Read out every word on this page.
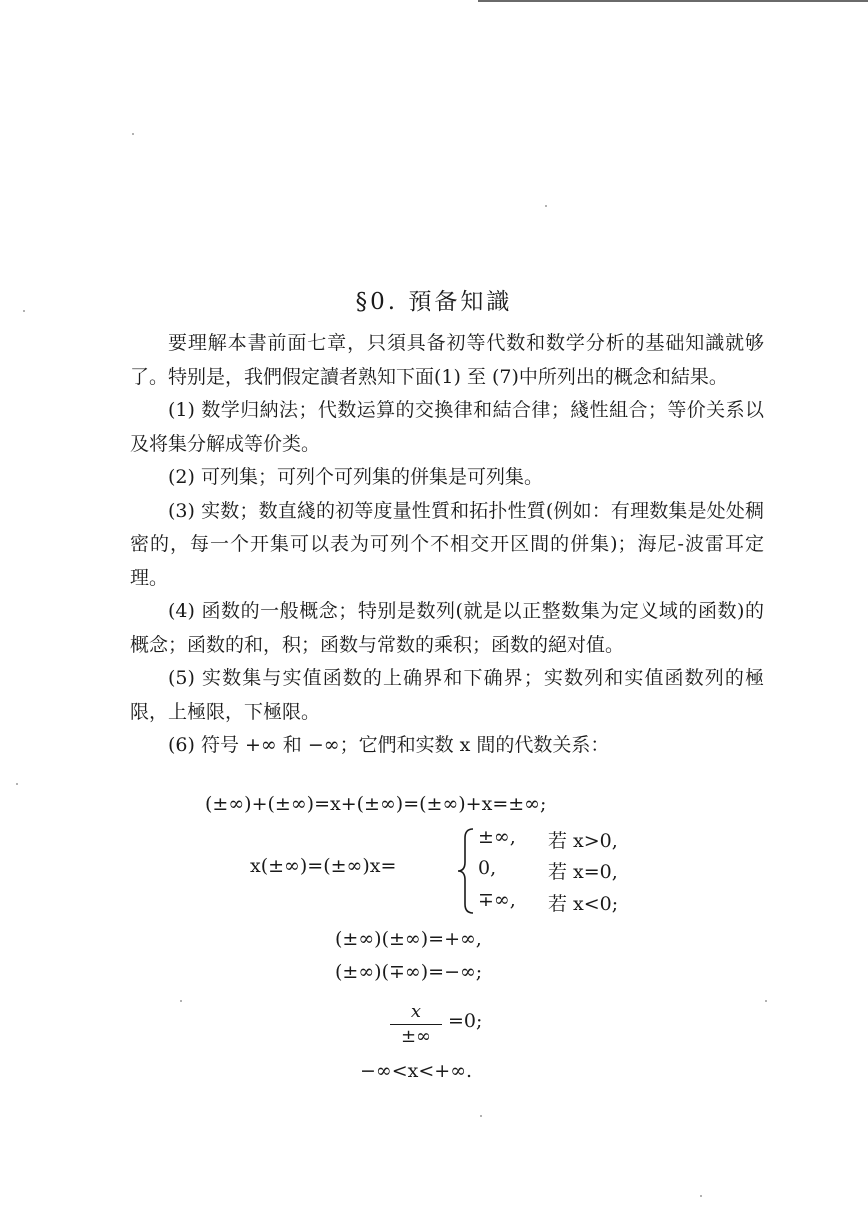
§0. 預备知識

要理解本書前面七章，只須具备初等代数和数学分析的基础知識就够了。特别是，我們假定讀者熟知下面(1) 至 (7)中所列出的概念和結果。

(1) 数学归納法；代数运算的交換律和結合律；綫性組合；等价关系以及将集分解成等价类。

(2) 可列集；可列个可列集的併集是可列集。

(3) 实数；数直綫的初等度量性質和拓扑性質(例如：有理数集是处处稠密的，每一个开集可以表为可列个不相交开区間的併集)；海尼-波雷耳定理。

(4) 函数的一般概念；特别是数列(就是以正整数集为定义域的函数)的概念；函数的和，积；函数与常数的乘积；函数的絕对值。

(5) 实数集与实值函数的上确界和下确界；实数列和实值函数列的極限，上極限，下極限。

(6) 符号 +∞ 和 −∞；它們和实数 x 間的代数关系：

(±∞)+(±∞)=x+(±∞)=(±∞)+x=±∞;
x(±∞)=(±∞)x=
±∞, 若 x>0,
0,	若 x=0,
∓∞, 若 x<0;
(±∞)(±∞)=+∞,
(±∞)(∓∞)=−∞;
x
±∞
=0;
−∞<x<+∞.
